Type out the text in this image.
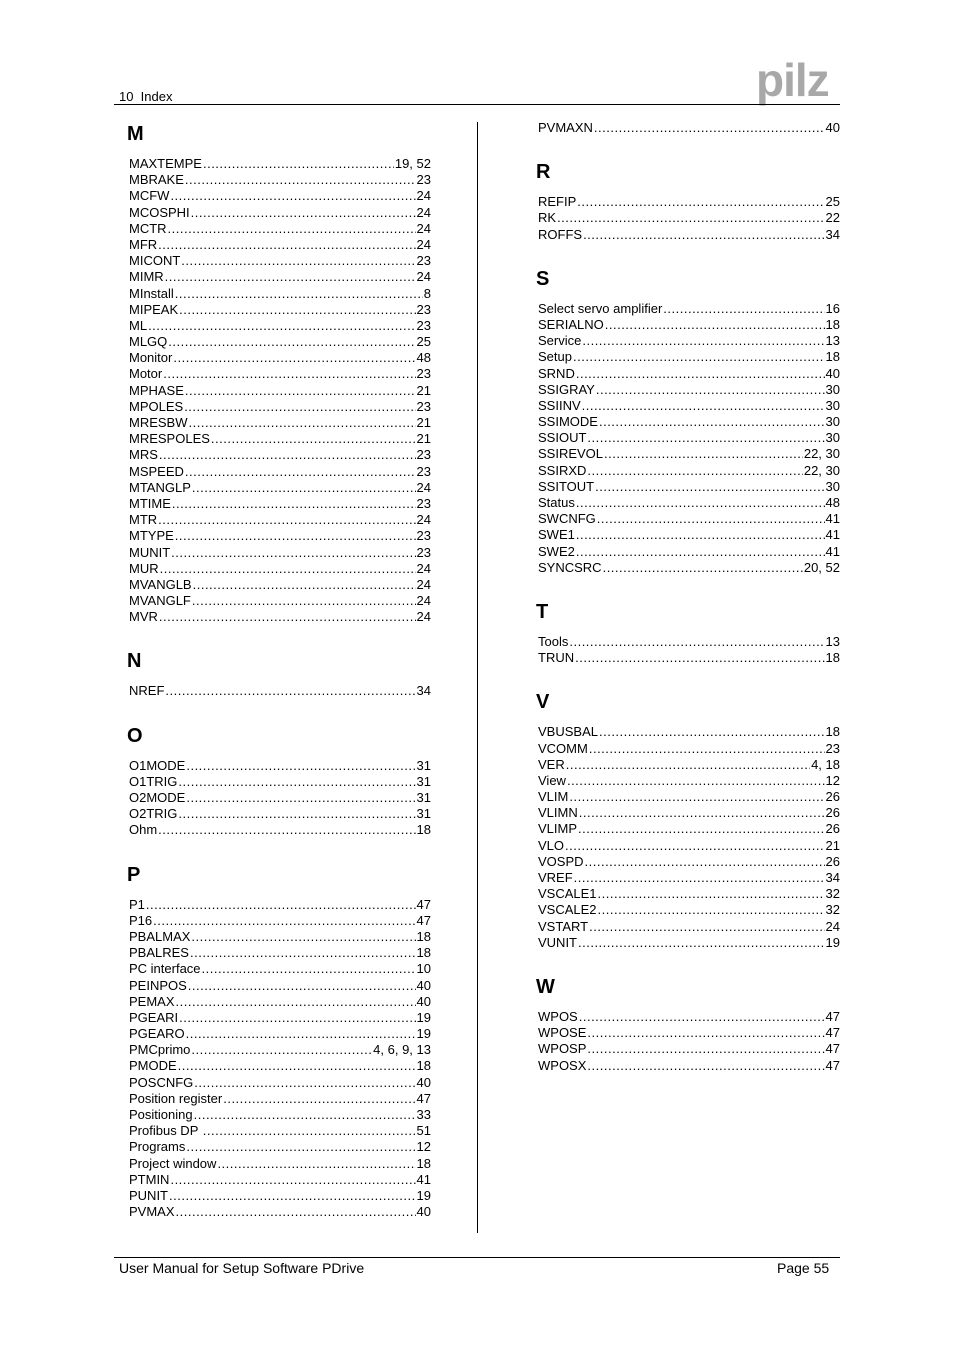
10  Index	pilz
M
MAXTEMPE .....	19, 52
MBRAKE .....	23
MCFW .....	24
MCOSPHI .....	24
MCTR .....	24
MFR .....	24
MICONT .....	23
MIMR .....	24
MInstall .....	8
MIPEAK .....	23
ML .....	23
MLGQ .....	25
Monitor .....	48
Motor .....	23
MPHASE .....	21
MPOLES .....	23
MRESBW .....	21
MRESPOLES .....	21
MRS .....	23
MSPEED .....	23
MTANGLP .....	24
MTIME .....	23
MTR .....	24
MTYPE .....	23
MUNIT .....	23
MUR .....	24
MVANGLB .....	24
MVANGLF .....	24
MVR .....	24
N
NREF .....	34
O
O1MODE .....	31
O1TRIG .....	31
O2MODE .....	31
O2TRIG .....	31
Ohm .....	18
P
P1 .....	47
P16 .....	47
PBALMAX .....	18
PBALRES .....	18
PC interface .....	10
PEINPOS .....	40
PEMAX .....	40
PGEARI .....	19
PGEARO .....	19
PMCprimo .....	4, 6, 9, 13
PMODE .....	18
POSCNFG .....	40
Position register .....	47
Positioning .....	33
Profibus DP .....	51
Programs .....	12
Project window .....	18
PTMIN .....	41
PUNIT .....	19
PVMAX .....	40
PVMAXN .....	40
R
REFIP .....	25
RK .....	22
ROFFS .....	34
S
Select servo amplifier .....	16
SERIALNO .....	18
Service .....	13
Setup .....	18
SRND .....	40
SSIGRAY .....	30
SSIINV .....	30
SSIMODE .....	30
SSIOUT .....	30
SSIREVOL .....	22, 30
SSIRXD .....	22, 30
SSITOUT .....	30
Status .....	48
SWCNFG .....	41
SWE1 .....	41
SWE2 .....	41
SYNCSRC .....	20, 52
T
Tools .....	13
TRUN .....	18
V
VBUSBAL .....	18
VCOMM .....	23
VER .....	4, 18
View .....	12
VLIM .....	26
VLIMN .....	26
VLIMP .....	26
VLO .....	21
VOSPD .....	26
VREF .....	34
VSCALE1 .....	32
VSCALE2 .....	32
VSTART .....	24
VUNIT .....	19
W
WPOS .....	47
WPOSE .....	47
WPOSP .....	47
WPOSX .....	47
User Manual for Setup Software PDrive	Page 55
